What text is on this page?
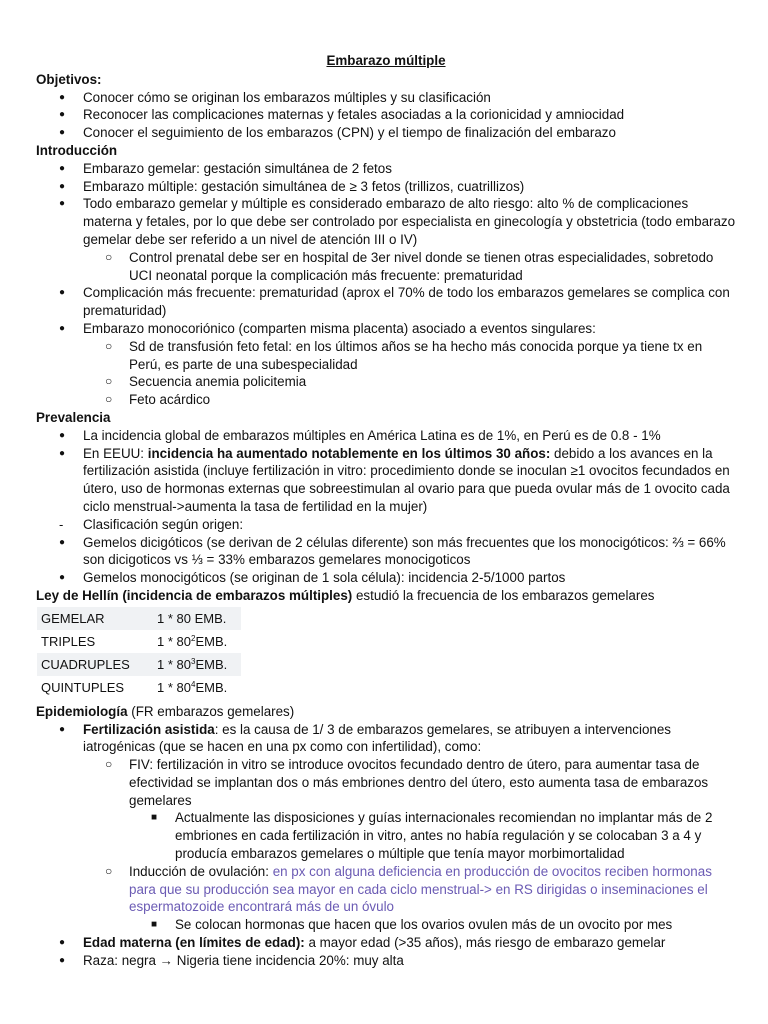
Embarazo múltiple
Objetivos:
● Conocer cómo se originan los embarazos múltiples y su clasificación
● Reconocer las complicaciones maternas y fetales asociadas a la corionicidad y amniocidad
● Conocer el seguimiento de los embarazos (CPN) y el tiempo de finalización del embarazo
Introducción
● Embarazo gemelar: gestación simultánea de 2 fetos
● Embarazo múltiple: gestación simultánea de ≥ 3 fetos (trillizos, cuatrillizos)
● Todo embarazo gemelar y múltiple es considerado embarazo de alto riesgo: alto % de complicaciones materna y fetales, por lo que debe ser controlado por especialista en ginecología y obstetricia (todo embarazo gemelar debe ser referido a un nivel de atención III o IV)
○ Control prenatal debe ser en hospital de 3er nivel donde se tienen otras especialidades, sobretodo UCI neonatal porque la complicación más frecuente: prematuridad
● Complicación más frecuente: prematuridad (aprox el 70% de todo los embarazos gemelares se complica con prematuridad)
● Embarazo monocoriónico (comparten misma placenta) asociado a eventos singulares:
○ Sd de transfusión feto fetal: en los últimos años se ha hecho más conocida porque ya tiene tx en Perú, es parte de una subespecialidad
○ Secuencia anemia policitemia
○ Feto acárdico
Prevalencia
● La incidencia global de embarazos múltiples en América Latina es de 1%, en Perú es de 0.8 - 1%
● En EEUU: incidencia ha aumentado notablemente en los últimos 30 años: debido a los avances en la fertilización asistida (incluye fertilización in vitro: procedimiento donde se inoculan ≥1 ovocitos fecundados en útero, uso de hormonas externas que sobreestimulan al ovario para que pueda ovular más de 1 ovocito cada ciclo menstrual->aumenta la tasa de fertilidad en la mujer)
- Clasificación según origen:
● Gemelos dicigóticos (se derivan de 2 células diferente) son más frecuentes que los monocigóticos: ⅔ = 66% son dicigoticos vs ⅓ = 33% embarazos gemelares monocigoticos
● Gemelos monocigóticos (se originan de 1 sola célula): incidencia 2-5/1000 partos
Ley de Hellín (incidencia de embarazos múltiples) estudió la frecuencia de los embarazos gemelares
GEMELAR	1 * 80 EMB.
TRIPLES	$1 * 80^2EMB$.
CUADRUPLES	$1 * 80^3EMB$.
QUINTUPLES	$1 * 80^4EMB$.
Epidemiología (FR embarazos gemelares)
● Fertilización asistida: es la causa de 1/ 3 de embarazos gemelares, se atribuyen a intervenciones iatrogénicas (que se hacen en una px como con infertilidad), como:
○ FIV: fertilización in vitro se introduce ovocitos fecundado dentro de útero, para aumentar tasa de efectividad se implantan dos o más embriones dentro del útero, esto aumenta tasa de embarazos gemelares
■ Actualmente las disposiciones y guías internacionales recomiendan no implantar más de 2 embriones en cada fertilización in vitro, antes no había regulación y se colocaban 3 a 4 y producía embarazos gemelares o múltiple que tenía mayor morbimortalidad
○ Inducción de ovulación: en px con alguna deficiencia en producción de ovocitos reciben hormonas para que su producción sea mayor en cada ciclo menstrual-> en RS dirigidas o inseminaciones el espermatozoide encontrará más de un óvulo
■ Se colocan hormonas que hacen que los ovarios ovulen más de un ovocito por mes
● Edad materna (en límites de edad): a mayor edad (>35 años), más riesgo de embarazo gemelar
● Raza: negra → Nigeria tiene incidencia 20%: muy alta
